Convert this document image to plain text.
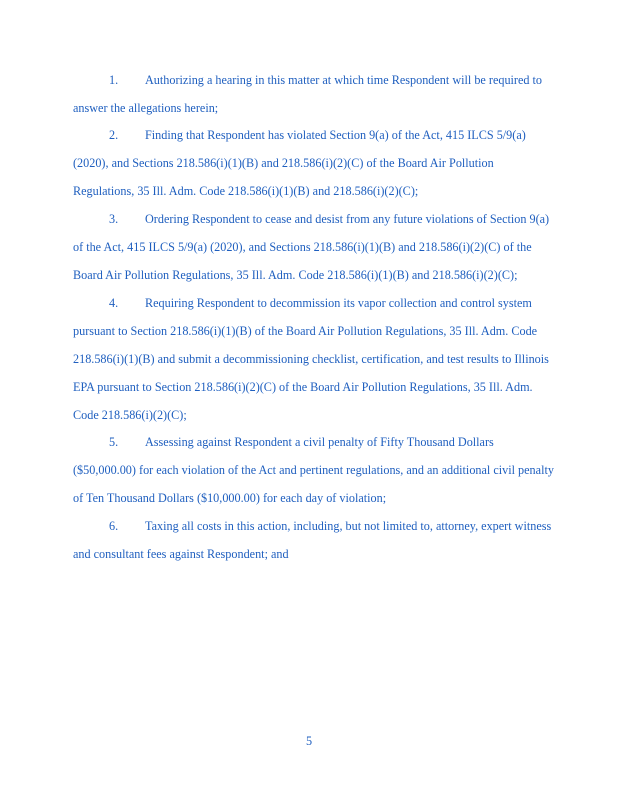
1. Authorizing a hearing in this matter at which time Respondent will be required to

answer the allegations herein;

2. Finding that Respondent has violated Section 9(a) of the Act, 415 ILCS 5/9(a)

(2020), and Sections 218.586(i)(1)(B) and 218.586(i)(2)(C) of the Board Air Pollution

Regulations, 35 Ill. Adm. Code 218.586(i)(1)(B) and 218.586(i)(2)(C);

3. Ordering Respondent to cease and desist from any future violations of Section 9(a)

of the Act, 415 ILCS 5/9(a) (2020), and Sections 218.586(i)(1)(B) and 218.586(i)(2)(C) of the

Board Air Pollution Regulations, 35 Ill. Adm. Code 218.586(i)(1)(B) and 218.586(i)(2)(C);

4. Requiring Respondent to decommission its vapor collection and control system

pursuant to Section 218.586(i)(1)(B) of the Board Air Pollution Regulations, 35 Ill. Adm. Code

218.586(i)(1)(B) and submit a decommissioning checklist, certification, and test results to Illinois

EPA pursuant to Section 218.586(i)(2)(C) of the Board Air Pollution Regulations, 35 Ill. Adm.

Code 218.586(i)(2)(C);

5. Assessing against Respondent a civil penalty of Fifty Thousand Dollars

($50,000.00) for each violation of the Act and pertinent regulations, and an additional civil penalty

of Ten Thousand Dollars ($10,000.00) for each day of violation;

6. Taxing all costs in this action, including, but not limited to, attorney, expert witness

and consultant fees against Respondent; and

5
